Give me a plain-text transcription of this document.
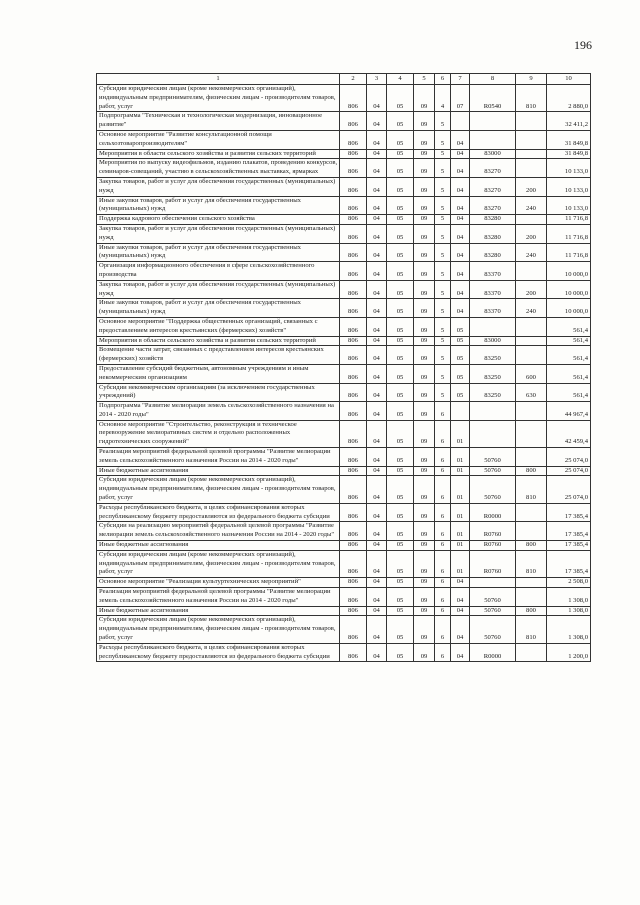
196
1	2	3	4	5	6	7	8	9	10
Субсидии юридическим лицам (кроме некоммерческих организаций), индивидуальным предпринимателям, физическим лицам - производителям товаров, работ, услуг	806	04	05	09	4	07	R0540	810	2 880,0
Подпрограмма "Техническая и технологическая модернизация, инновационное развитие"	806	04	05	09	5				32 411,2
Основное мероприятие "Развитие консультационной помощи сельхозтоваропроизводителям"	806	04	05	09	5	04			31 849,8
Мероприятия в области сельского хозяйства и развития сельских территорий	806	04	05	09	5	04	83000		31 849,8
Мероприятия по выпуску видеофильмов, изданию плакатов, проведению конкурсов, семинаров-совещаний, участию в сельскохозяйственных выставках, ярмарках	806	04	05	09	5	04	83270		10 133,0
Закупка товаров, работ и услуг для обеспечения государственных (муниципальных) нужд	806	04	05	09	5	04	83270	200	10 133,0
Иные закупки товаров, работ и услуг для обеспечения государственных (муниципальных) нужд	806	04	05	09	5	04	83270	240	10 133,0
Поддержка кадрового обеспечения сельского хозяйства	806	04	05	09	5	04	83280		11 716,8
Закупка товаров, работ и услуг для обеспечения государственных (муниципальных) нужд	806	04	05	09	5	04	83280	200	11 716,8
Иные закупки товаров, работ и услуг для обеспечения государственных (муниципальных) нужд	806	04	05	09	5	04	83280	240	11 716,8
Организация информационного обеспечения в сфере сельскохозяйственного производства	806	04	05	09	5	04	83370		10 000,0
Закупка товаров, работ и услуг для обеспечения государственных (муниципальных) нужд	806	04	05	09	5	04	83370	200	10 000,0
Иные закупки товаров, работ и услуг для обеспечения государственных (муниципальных) нужд	806	04	05	09	5	04	83370	240	10 000,0
Основное мероприятие "Поддержка общественных организаций, связанных с предоставлением интересов крестьянских (фермерских) хозяйств"	806	04	05	09	5	05			561,4
Мероприятия в области сельского хозяйства и развития сельских территорий	806	04	05	09	5	05	83000		561,4
Возмещение части затрат, связанных с представлением интересов крестьянских (фермерских) хозяйств	806	04	05	09	5	05	83250		561,4
Предоставление субсидий бюджетным, автономным учреждениям и иным некоммерческим организациям	806	04	05	09	5	05	83250	600	561,4
Субсидии некоммерческим организациям (за исключением государственных учреждений)	806	04	05	09	5	05	83250	630	561,4
Подпрограмма "Развитие мелиорации земель сельскохозяйственного назначения на 2014 - 2020 годы"	806	04	05	09	6				44 967,4
Основное мероприятие "Строительство, реконструкция и техническое перевооружение мелиоративных систем и отдельно расположенных гидротехнических сооружений"	806	04	05	09	6	01			42 459,4
Реализация мероприятий федеральной целевой программы "Развитие мелиорации земель сельскохозяйственного назначения России на 2014 - 2020 годы"	806	04	05	09	6	01	50760		25 074,0
Иные бюджетные ассигнования	806	04	05	09	6	01	50760	800	25 074,0
Субсидии юридическим лицам (кроме некоммерческих организаций), индивидуальным предпринимателям, физическим лицам - производителям товаров, работ, услуг	806	04	05	09	6	01	50760	810	25 074,0
Расходы республиканского бюджета, в целях софинансирования которых республиканскому бюджету предоставляются из федерального бюджета субсидии	806	04	05	09	6	01	R0000		17 385,4
Субсидии на реализацию мероприятий федеральной целевой программы "Развитие мелиорации земель сельскохозяйственного назначения России на 2014 - 2020 годы"	806	04	05	09	6	01	R0760		17 385,4
Иные бюджетные ассигнования	806	04	05	09	6	01	R0760	800	17 385,4
Субсидии юридическим лицам (кроме некоммерческих организаций), индивидуальным предпринимателям, физическим лицам - производителям товаров, работ, услуг	806	04	05	09	6	01	R0760	810	17 385,4
Основное мероприятие "Реализация культуртехнических мероприятий"	806	04	05	09	6	04			2 508,0
Реализация мероприятий федеральной целевой программы "Развитие мелиорации земель сельскохозяйственного назначения России на 2014 - 2020 годы"	806	04	05	09	6	04	50760		1 308,0
Иные бюджетные ассигнования	806	04	05	09	6	04	50760	800	1 308,0
Субсидии юридическим лицам (кроме некоммерческих организаций), индивидуальным предпринимателям, физическим лицам - производителям товаров, работ, услуг	806	04	05	09	6	04	50760	810	1 308,0
Расходы республиканского бюджета, в целях софинансирования которых республиканскому бюджету предоставляются из федерального бюджета субсидии	806	04	05	09	6	04	R0000		1 200,0
